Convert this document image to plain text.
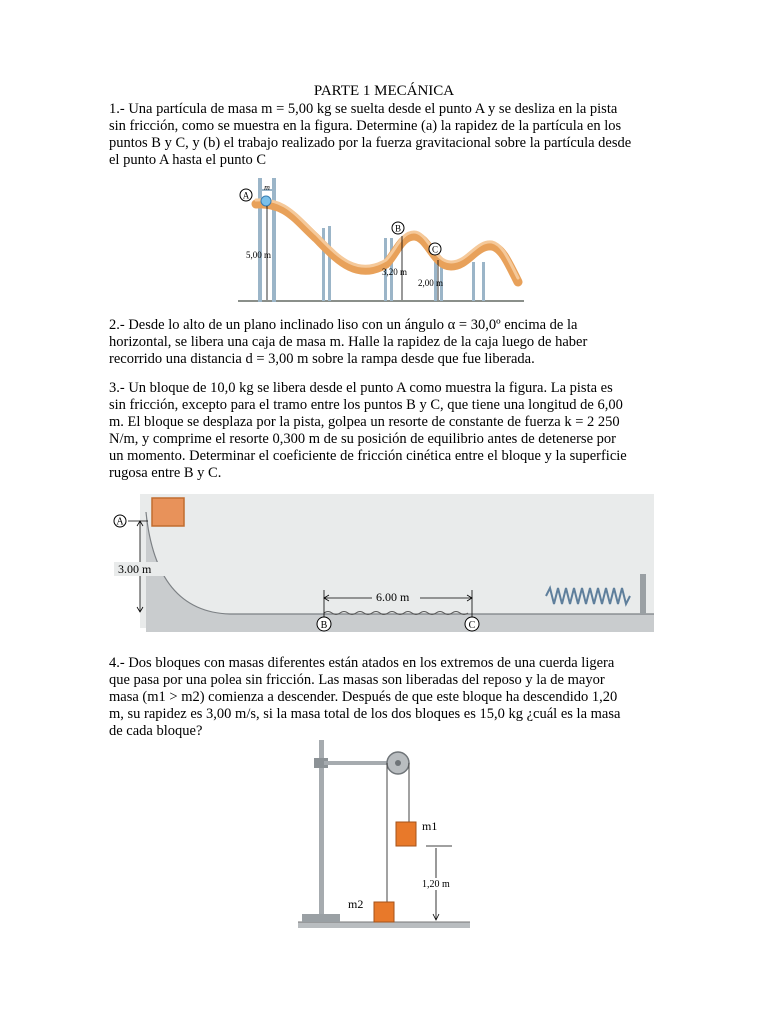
PARTE 1 MECÁNICA
1.- Una partícula de masa m = 5,00 kg se suelta desde el punto A y se desliza en la pista
sin fricción, como se muestra en la figura. Determine (a) la rapidez de la partícula en los
puntos B y C, y (b) el trabajo realizado por la fuerza gravitacional sobre la partícula desde
el punto A hasta el punto C
A
m
B
C
5,00 m
3,20 m
2,00 m
2.- Desde lo alto de un plano inclinado liso con un ángulo α = 30,0º encima de la
horizontal, se libera una caja de masa m. Halle la rapidez de la caja luego de haber
recorrido una distancia d = 3,00 m sobre la rampa desde que fue liberada.
3.- Un bloque de 10,0 kg se libera desde el punto A como muestra la figura. La pista es
sin fricción, excepto para el tramo entre los puntos B y C, que tiene una longitud de 6,00
m. El bloque se desplaza por la pista, golpea un resorte de constante de fuerza k = 2 250
N/m, y comprime el resorte 0,300 m de su posición de equilibrio antes de detenerse por
un momento. Determinar el coeficiente de fricción cinética entre el bloque y la superficie
rugosa entre B y C.
A
3.00 m
6.00 m
B	C
4.- Dos bloques con masas diferentes están atados en los extremos de una cuerda ligera
que pasa por una polea sin fricción. Las masas son liberadas del reposo y la de mayor
masa (m1 > m2) comienza a descender. Después de que este bloque ha descendido 1,20
m, su rapidez es 3,00 m/s, si la masa total de los dos bloques es 15,0 kg ¿cuál es la masa
de cada bloque?
m1
m2
1,20 m
